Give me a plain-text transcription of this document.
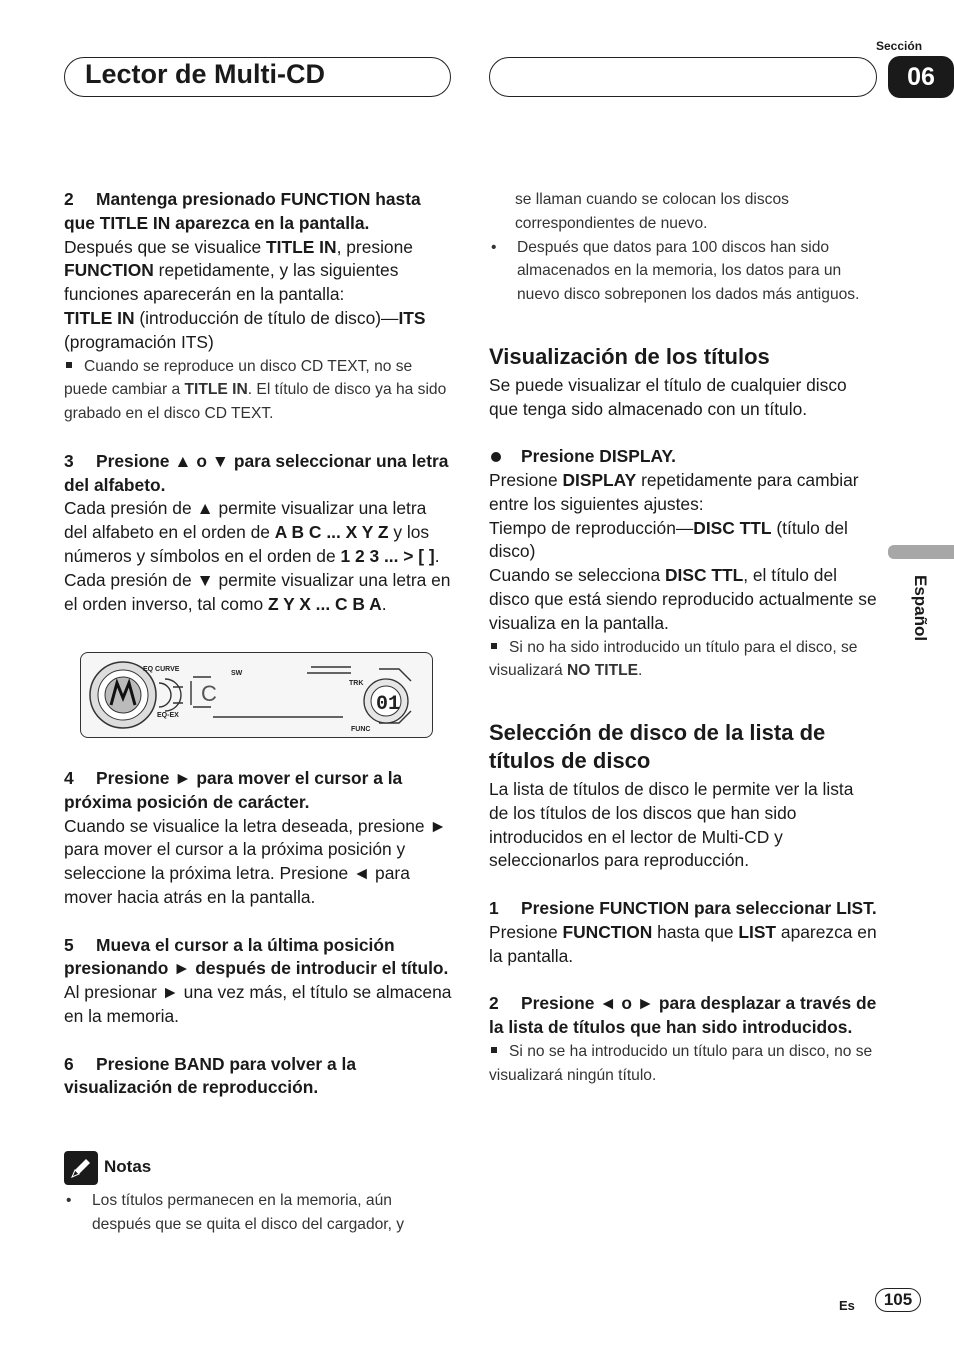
Lector de Multi-CD
Sección
06
Español

2 Mantenga presionado FUNCTION hasta que TITLE IN aparezca en la pantalla.

Después que se visualice TITLE IN, presione FUNCTION repetidamente, y las siguientes funciones aparecerán en la pantalla:

TITLE IN (introducción de título de disco)—ITS (programación ITS)

Cuando se reproduce un disco CD TEXT, no se puede cambiar a TITLE IN. El título de disco ya ha sido grabado en el disco CD TEXT.

3 Presione ▲ o ▼ para seleccionar una letra del alfabeto.

Cada presión de ▲ permite visualizar una letra del alfabeto en el orden de A B C ... X Y Z y los números y símbolos en el orden de 1 2 3 ... > [ ]. Cada presión de ▼ permite visualizar una letra en el orden inverso, tal como Z Y X ... C B A.

01
C
EQ CURVE
SW
TRK
EQ-EX
FUNC

4 Presione ► para mover el cursor a la próxima posición de carácter.

Cuando se visualice la letra deseada, presione ► para mover el cursor a la próxima posición y seleccione la próxima letra. Presione ◄ para mover hacia atrás en la pantalla.

5 Mueva el cursor a la última posición presionando ► después de introducir el título.

Al presionar ► una vez más, el título se almacena en la memoria.

6 Presione BAND para volver a la visualización de reproducción.

Notas
•	Los títulos permanecen en la memoria, aún después que se quita el disco del cargador, y

se llaman cuando se colocan los discos correspondientes de nuevo.

•	Después que datos para 100 discos han sido almacenados en la memoria, los datos para un nuevo disco sobreponen los dados más antiguos.
Visualización de los títulos

Se puede visualizar el título de cualquier disco que tenga sido almacenado con un título.

Presione DISPLAY.

Presione DISPLAY repetidamente para cambiar entre los siguientes ajustes:

Tiempo de reproducción—DISC TTL (título del disco)

Cuando se selecciona DISC TTL, el título del disco que está siendo reproducido actualmente se visualiza en la pantalla.

Si no ha sido introducido un título para el disco, se visualizará NO TITLE.

Selección de disco de la lista de títulos de disco

La lista de títulos de disco le permite ver la lista de los títulos de los discos que han sido introducidos en el lector de Multi-CD y seleccionarlos para reproducción.

1 Presione FUNCTION para seleccionar LIST.

Presione FUNCTION hasta que LIST aparezca en la pantalla.

2 Presione ◄ o ► para desplazar a través de la lista de títulos que han sido introducidos.

Si no se ha introducido un título para un disco, no se visualizará ningún título.

Es	105
